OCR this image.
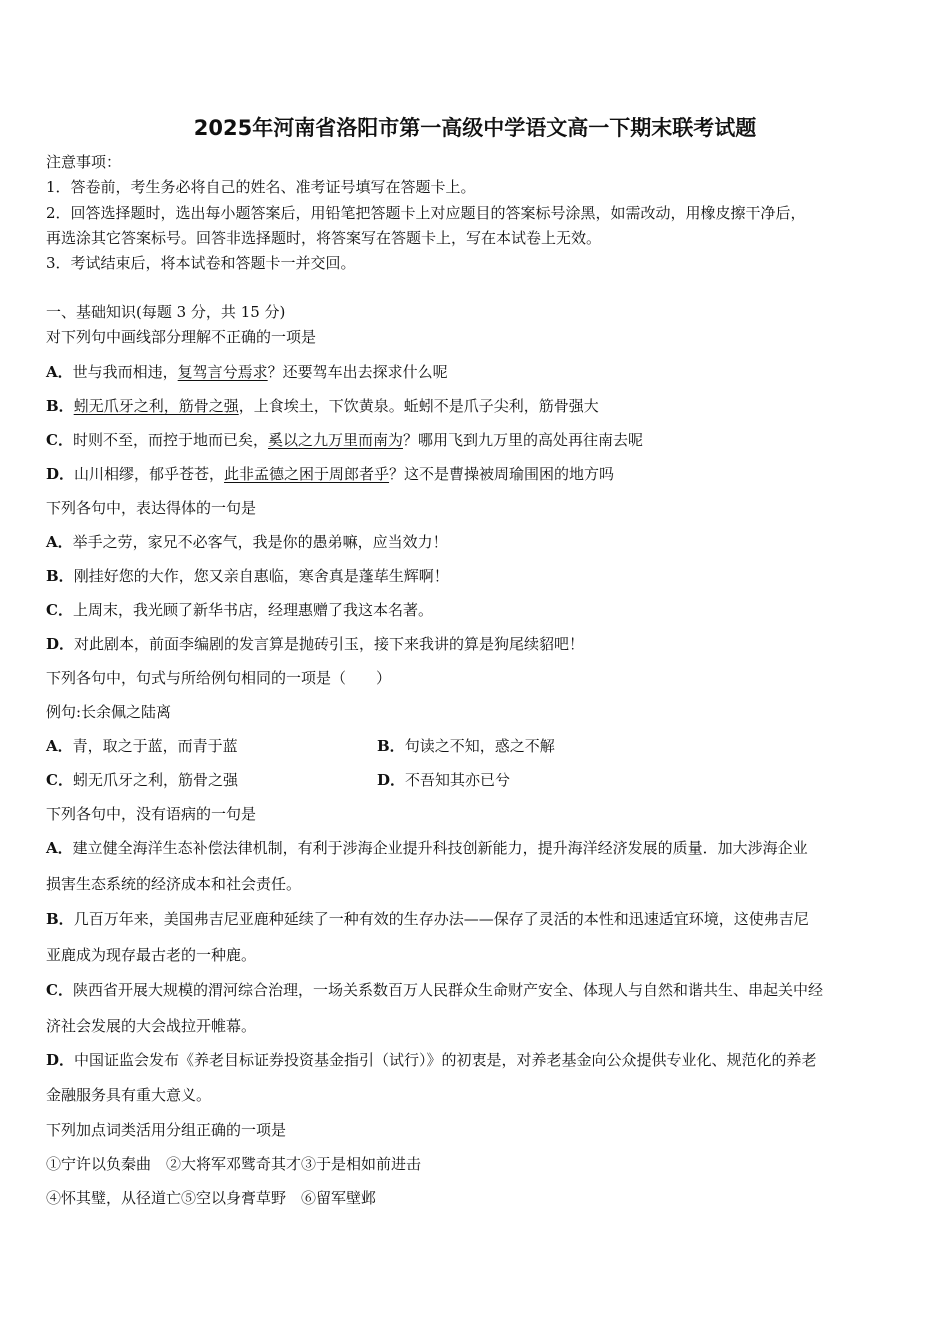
2025年河南省洛阳市第一高级中学语文高一下期末联考试题
注意事项：
1．答卷前，考生务必将自己的姓名、准考证号填写在答题卡上。
2．回答选择题时，选出每小题答案后，用铅笔把答题卡上对应题目的答案标号涂黑，如需改动，用橡皮擦干净后，
再选涂其它答案标号。回答非选择题时，将答案写在答题卡上，写在本试卷上无效。
3．考试结束后，将本试卷和答题卡一并交回。
一、基础知识(每题 3 分，共 15 分)
对下列句中画线部分理解不正确的一项是
A．世与我而相违，复驾言兮焉求？还要驾车出去探求什么呢
B．蚓无爪牙之利，筋骨之强，上食埃土，下饮黄泉。蚯蚓不是爪子尖利，筋骨强大
C．时则不至，而控于地而已矣，奚以之九万里而南为？哪用飞到九万里的高处再往南去呢
D．山川相缪，郁乎苍苍，此非孟德之困于周郎者乎？这不是曹操被周瑜围困的地方吗
下列各句中，表达得体的一句是
A．举手之劳，家兄不必客气，我是你的愚弟嘛，应当效力！
B．刚挂好您的大作，您又亲自惠临，寒舍真是蓬荜生辉啊！
C．上周末，我光顾了新华书店，经理惠赠了我这本名著。
D．对此剧本，前面李编剧的发言算是抛砖引玉，接下来我讲的算是狗尾续貂吧！
下列各句中，句式与所给例句相同的一项是（　　）
例句:长余佩之陆离
A．青，取之于蓝，而青于蓝	B．句读之不知，惑之不解
C．蚓无爪牙之利，筋骨之强	D．不吾知其亦已兮
下列各句中，没有语病的一句是
A．建立健全海洋生态补偿法律机制，有利于涉海企业提升科技创新能力，提升海洋经济发展的质量．加大涉海企业
损害生态系统的经济成本和社会责任。
B．几百万年来，美国弗吉尼亚鹿种延续了一种有效的生存办法——保存了灵活的本性和迅速适宜环境，这使弗吉尼
亚鹿成为现存最古老的一种鹿。
C．陕西省开展大规模的渭河综合治理，一场关系数百万人民群众生命财产安全、体现人与自然和谐共生、串起关中经
济社会发展的大会战拉开帷幕。
D．中国证监会发布《养老目标证券投资基金指引（试行）》的初衷是，对养老基金向公众提供专业化、规范化的养老
金融服务具有重大意义。
下列加点词类活用分组正确的一项是
①宁许以负秦曲　②大将军邓骘奇其才③于是相如前进击
④怀其璧，从径道亡⑤空以身膏草野　⑥留军壁邺
